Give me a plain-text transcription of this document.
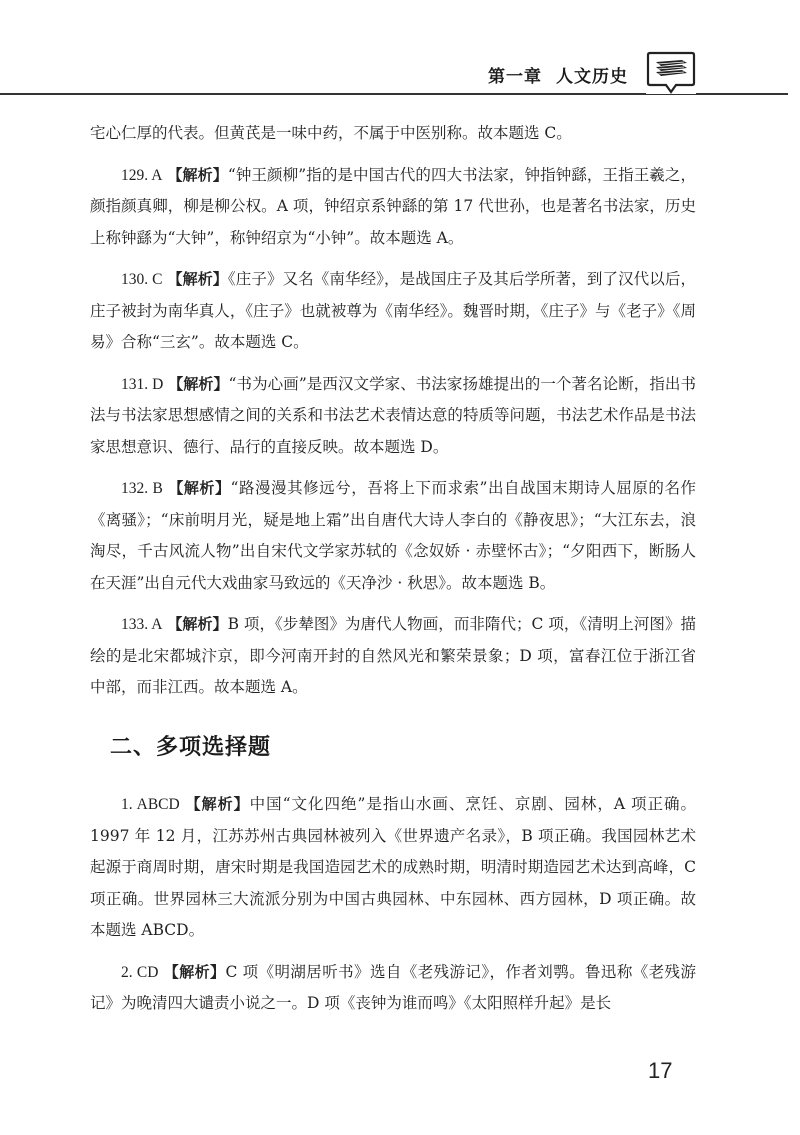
第一章 人文历史

宅心仁厚的代表。但黄芪是一味中药，不属于中医别称。故本题选 C。

129. A 【解析】“钟王颜柳”指的是中国古代的四大书法家，钟指钟繇，王指王羲之，颜指颜真卿，柳是柳公权。A 项，钟绍京系钟繇的第 17 代世孙，也是著名书法家，历史上称钟繇为“大钟”，称钟绍京为“小钟”。故本题选 A。

130. C 【解析】《庄子》又名《南华经》，是战国庄子及其后学所著，到了汉代以后，庄子被封为南华真人，《庄子》也就被尊为《南华经》。魏晋时期，《庄子》与《老子》《周易》合称“三玄”。故本题选 C。

131. D 【解析】“书为心画”是西汉文学家、书法家扬雄提出的一个著名论断，指出书法与书法家思想感情之间的关系和书法艺术表情达意的特质等问题，书法艺术作品是书法家思想意识、德行、品行的直接反映。故本题选 D。

132. B 【解析】“路漫漫其修远兮，吾将上下而求索”出自战国末期诗人屈原的名作《离骚》；“床前明月光，疑是地上霜”出自唐代大诗人李白的《静夜思》；“大江东去，浪淘尽，千古风流人物”出自宋代文学家苏轼的《念奴娇 · 赤壁怀古》；“夕阳西下，断肠人在天涯”出自元代大戏曲家马致远的《天净沙 · 秋思》。故本题选 B。

133. A 【解析】B 项，《步辇图》为唐代人物画，而非隋代；C 项，《清明上河图》描绘的是北宋都城汴京，即今河南开封的自然风光和繁荣景象；D 项，富春江位于浙江省中部，而非江西。故本题选 A。

二、多项选择题

1. ABCD 【解析】中国“文化四绝”是指山水画、烹饪、京剧、园林，A 项正确。1997 年 12 月，江苏苏州古典园林被列入《世界遗产名录》，B 项正确。我国园林艺术起源于商周时期，唐宋时期是我国造园艺术的成熟时期，明清时期造园艺术达到高峰，C 项正确。世界园林三大流派分别为中国古典园林、中东园林、西方园林，D 项正确。故本题选 ABCD。

2. CD 【解析】C 项《明湖居听书》选自《老残游记》，作者刘鹗。鲁迅称《老残游记》为晚清四大谴责小说之一。D 项《丧钟为谁而鸣》《太阳照样升起》是长

17
